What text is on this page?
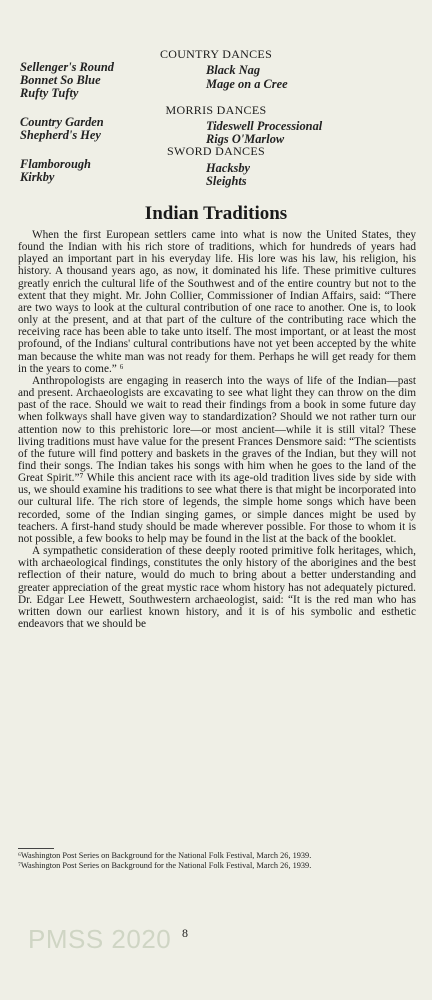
COUNTRY DANCES
Sellenger's Round
Bonnet So Blue
Rufty Tufty
Black Nag
Mage on a Cree
MORRIS DANCES
Country Garden
Shepherd's Hey
Tideswell Processional
Rigs O'Marlow
SWORD DANCES
Flamborough
Kirkby
Hacksby
Sleights
Indian Traditions

When the first European settlers came into what is now the United States, they found the Indian with his rich store of traditions, which for hundreds of years had played an important part in his everyday life. His lore was his law, his religion, his history. A thousand years ago, as now, it dominated his life. These primitive cultures greatly enrich the cultural life of the Southwest and of the entire country but not to the extent that they might. Mr. John Collier, Commissioner of Indian Affairs, said: “There are two ways to look at the cultural contribution of one race to another. One is, to look only at the present, and at that part of the culture of the contributing race which the receiving race has been able to take unto itself. The most important, or at least the most profound, of the Indians' cultural contributions have not yet been accepted by the white man because the white man was not ready for them. Perhaps he will get ready for them in the years to come.” ⁶

Anthropologists are engaging in reaserch into the ways of life of the Indian—past and present. Archaeologists are excavating to see what light they can throw on the dim past of the race. Should we wait to read their findings from a book in some future day when folkways shall have given way to standardization? Should we not rather turn our attention now to this prehistoric lore—or most ancient—while it is still vital? These living traditions must have value for the present Frances Densmore said: “The scientists of the future will find pottery and baskets in the graves of the Indian, but they will not find their songs. The Indian takes his songs with him when he goes to the land of the Great Spirit.”⁷ While this ancient race with its age-old tradition lives side by side with us, we should examine his traditions to see what there is that might be incorporated into our cultural life. The rich store of legends, the simple home songs which have been recorded, some of the Indian singing games, or simple dances might be used by teachers. A first-hand study should be made wherever possible. For those to whom it is not possible, a few books to help may be found in the list at the back of the booklet.

A sympathetic consideration of these deeply rooted primitive folk heritages, which, with archaeological findings, constitutes the only history of the aborigines and the best reflection of their nature, would do much to bring about a better understanding and greater appreciation of the great mystic race whom history has not adequately pictured. Dr. Edgar Lee Hewett, Southwestern archaeologist, said: “It is the red man who has written down our earliest known history, and it is of his symbolic and esthetic endeavors that we should be

⁶Washington Post Series on Background for the National Folk Festival, March 26, 1939.
⁷Washington Post Series on Background for the National Folk Festival, March 26, 1939.
PMSS 2020 8
